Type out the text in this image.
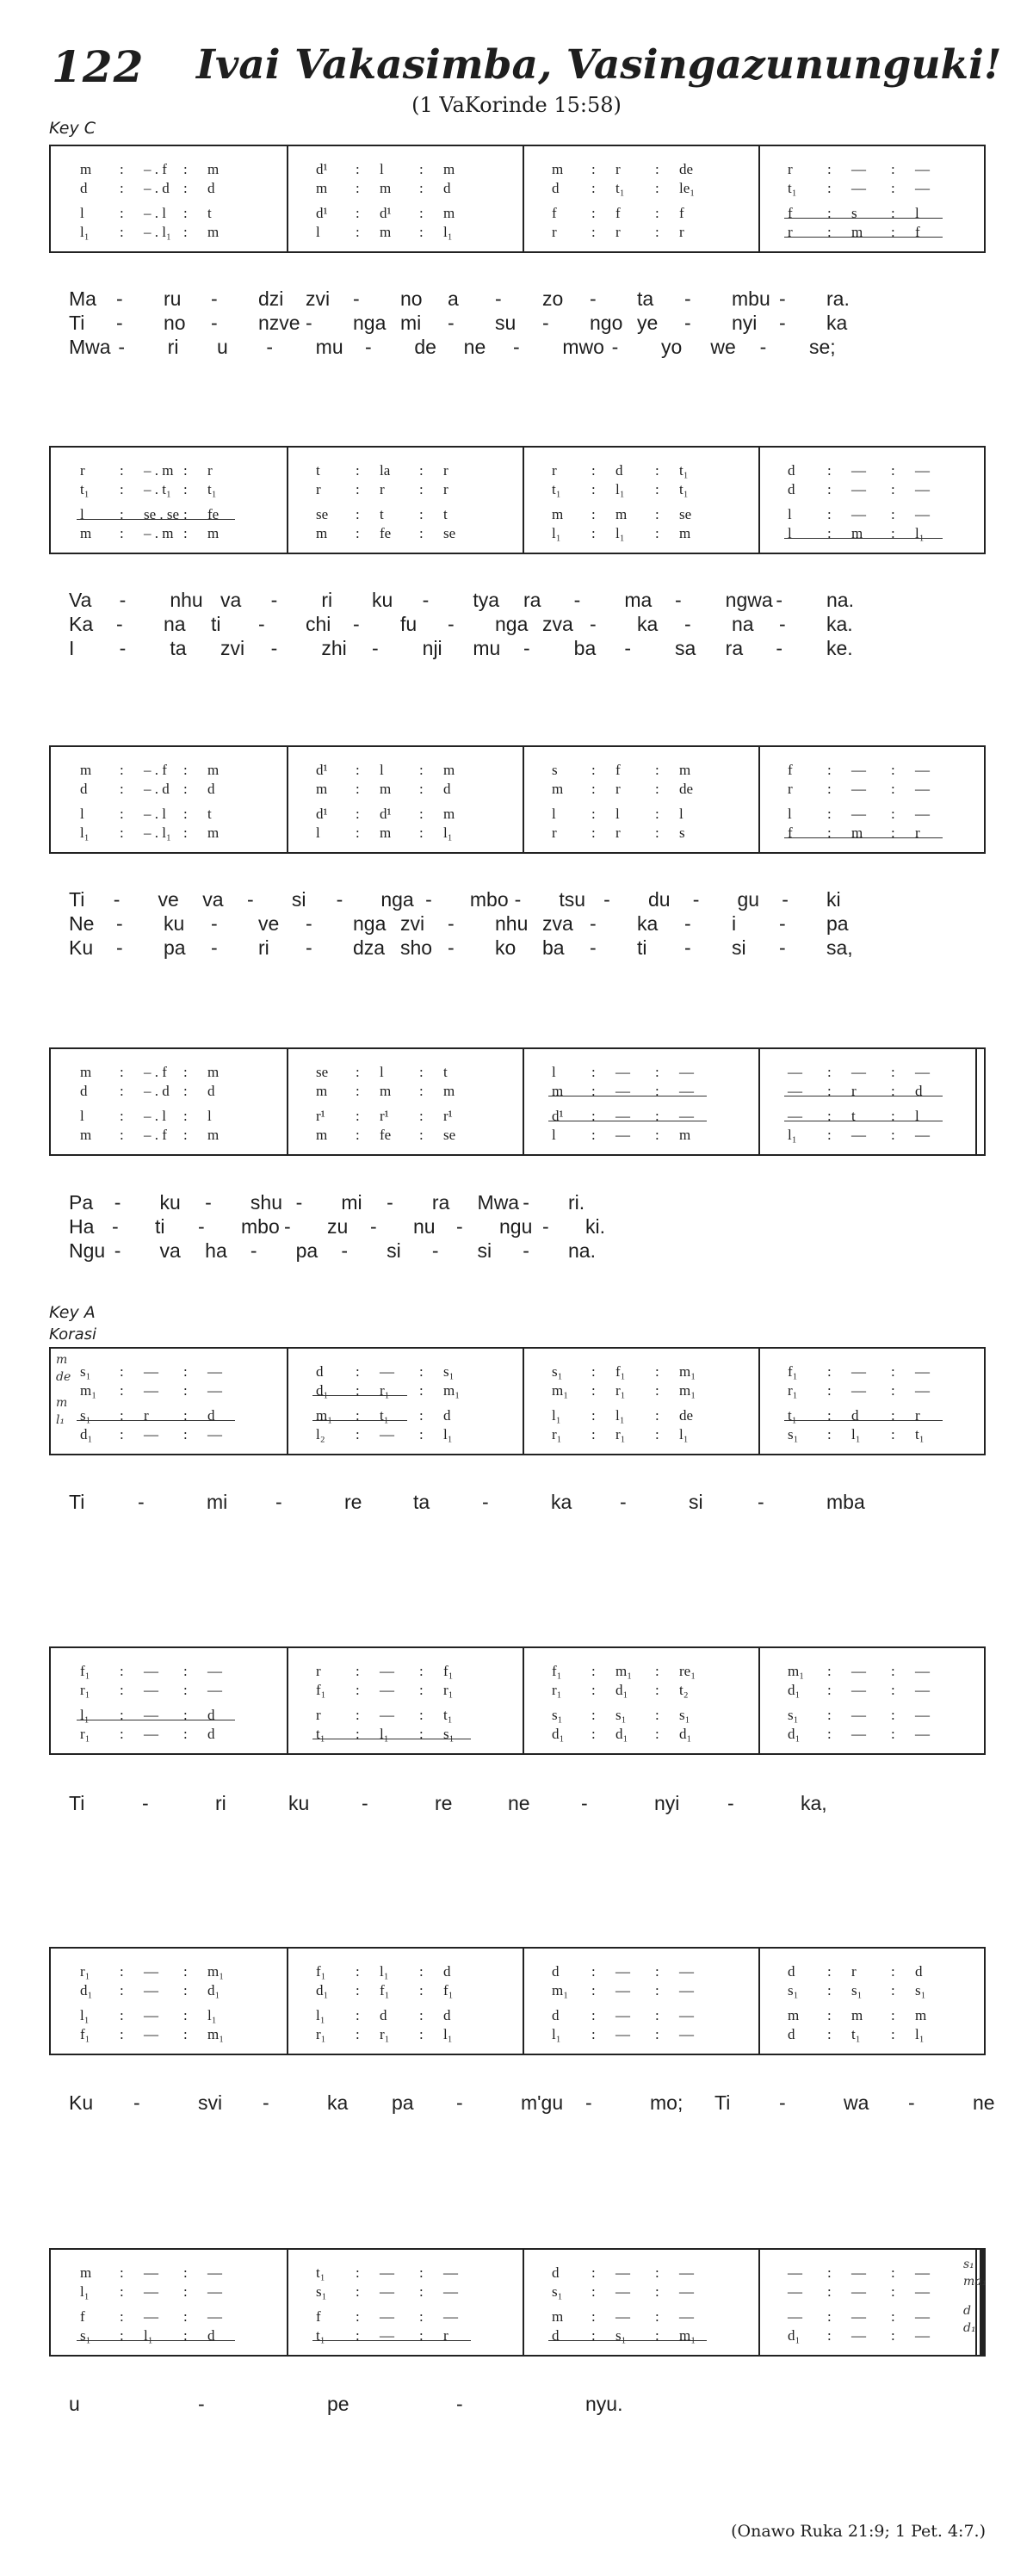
122 Ivai Vakasimba, Vasingazununguki!
(1 VaKorinde 15:58)
Key C
Key A
Korasi
m : – . f : m
d : – . d : d
l : – . l : t
l₁ : – . l₁ : m
d¹ : l : m
m : m : d
d¹ : d¹ : m
l : m : l₁
m : r : de
d : t₁ : le₁
f : f : f
r : r : r
r : — : —
t₁ : — : —
f : s : l
r : m : f
r : – . m : r
t₁ : – . t₁ : t₁
l : se . se : fe
m : – . m : m
t : la : r
r : r : r
se : t : t
m : fe : se
r : d : t₁
t₁ : l₁ : t₁
m : m : se
l₁ : l₁ : m
d : — : —
d : — : —
l : — : —
l : m : l₁
m : – . f : m
d : – . d : d
l : – . l : t
l₁ : – . l₁ : m
d¹ : l : m
m : m : d
d¹ : d¹ : m
l : m : l₁
s : f : m
m : r : de
l : l : l
r : r : s
f : — : —
r : — : —
l : — : —
f : m : r
m : – . f : m
d : – . d : d
l : – . l : l
m : – . f : m
se : l : t
m : m : m
r¹ : r¹ : r¹
m : fe : se
l : — : —
m : — : —
d¹ : — : —
l : — : m
— : — : —
— : r : d
— : t : l
l₁ : — : —
s₁ : — : —
m₁ : — : —
s₁ : r : d
d₁ : — : —
d : — : s₁
d₁ : r₁ : m₁
m₁ : t₁ : d
l₂ : — : l₁
s₁ : f₁ : m₁
m₁ : r₁ : m₁
l₁ : l₁ : de
r₁ : r₁ : l₁
f₁ : — : —
r₁ : — : —
t₁ : d : r
s₁ : l₁ : t₁
m
de
m
l₁
f₁ : — : —
r₁ : — : —
l₁ : — : d
r₁ : — : d
r : — : f₁
f₁ : — : r₁
r : — : t₁
t₁ : l₁ : s₁
f₁ : m₁ : re₁
r₁ : d₁ : t₂
s₁ : s₁ : s₁
d₁ : d₁ : d₁
m₁ : — : —
d₁ : — : —
s₁ : — : —
d₁ : — : —
r₁ : — : m₁
d₁ : — : d₁
l₁ : — : l₁
f₁ : — : m₁
f₁ : l₁ : d
d₁ : f₁ : f₁
l₁ : d : d
r₁ : r₁ : l₁
d : — : —
m₁ : — : —
d : — : —
l₁ : — : —
d : r : d
s₁ : s₁ : s₁
m : m : m
d : t₁ : l₁
m : — : —
l₁ : — : —
f : — : —
s₁ : l₁ : d
t₁ : — : —
s₁ : — : —
f : — : —
t₁ : — : r
d : — : —
s₁ : — : —
m : — : —
d : s₁ : m₁
— : — : —
— : — : —
— : — : —
d₁ : — : —
s₁
ma₁
d
d₁
Ma - ru - dzi zvi - no a - zo - ta - mbu - ra.
Ti - no - nzve - nga mi - su - ngo ye - nyi - ka
Mwa - ri u - mu - de ne - mwo - yo we - se;
Va - nhu va - ri ku - tya ra - ma - ngwa - na.
Ka - na ti - chi - fu - nga zva - ka - na - ka.
I - ta zvi - zhi - nji mu - ba - sa ra - ke.
Ti - ve va - si - nga - mbo - tsu - du - gu - ki
Ne - ku - ve - nga zvi - nhu zva - ka - i - pa
Ku - pa - ri - dza sho - ko ba - ti - si - sa,
Pa - ku - shu - mi - ra Mwa - ri.
Ha - ti - mbo - zu - nu - ngu - ki.
Ngu - va ha - pa - si - si - na.
Ti	-	mi -	re	ta	-	ka -	si	-	mba
Ti	-	ri	ku	-	re	ne	-	nyi -	ka,
Ku -	svi -	ka pa -	m'gu -	mo; Ti -	wa -	ne
u	-	pe	-	nyu.
(Onawo Ruka 21:9; 1 Pet. 4:7.)
